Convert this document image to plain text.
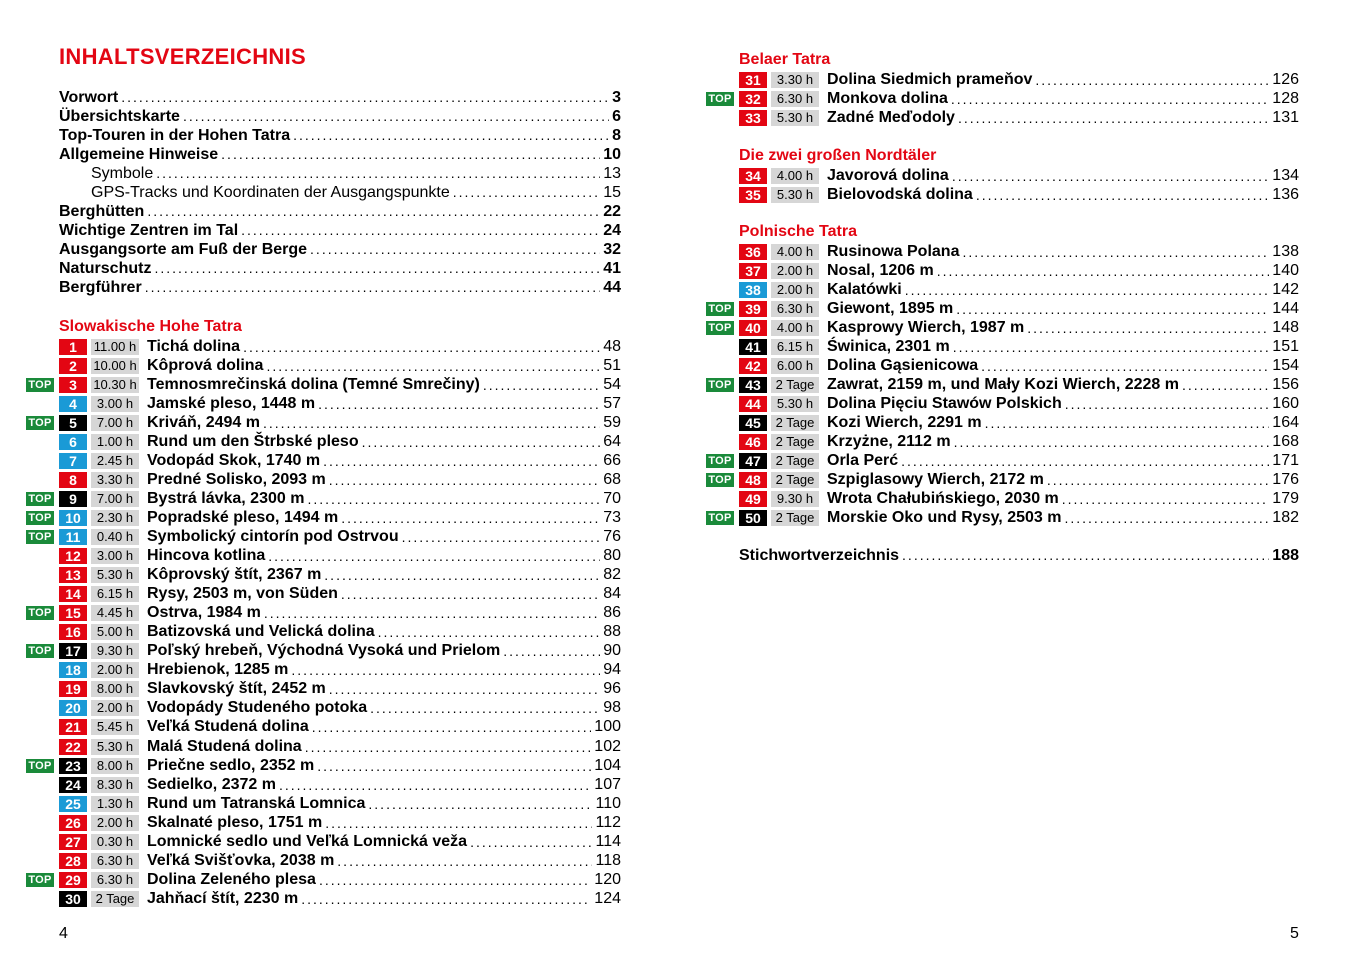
INHALTSVERZEICHNIS
Vorwort .....	3
Übersichtskarte .....	6
Top-Touren in der Hohen Tatra .....	8
Allgemeine Hinweise .....	10
Symbole .....	13
GPS-Tracks und Koordinaten der Ausgangspunkte .....	15
Berghütten .....	22
Wichtige Zentren im Tal .....	24
Ausgangsorte am Fuß der Berge .....	32
Naturschutz .....	41
Bergführer .....	44
Slowakische Hohe Tatra
1	11.00 h Tichá dolina .....	48
2	10.00 h Kôprová dolina .....	51
TOP	3	10.30 h Temnosmrečinská dolina (Temné Smrečiny) .....	54
4	3.00 h Jamské pleso, 1448 m .....	57
TOP	5	7.00 h Kriváň, 2494 m .....	59
6	1.00 h Rund um den Štrbské pleso .....	64
7	2.45 h Vodopád Skok, 1740 m .....	66
8	3.30 h Predné Solisko, 2093 m .....	68
TOP	9	7.00 h Bystrá lávka, 2300 m .....	70
TOP 10	2.30 h Popradské pleso, 1494 m .....	73
TOP 11	0.40 h Symbolický cintorín pod Ostrvou .....	76
12	3.00 h Hincova kotlina .....	80
13	5.30 h Kôprovský štít, 2367 m .....	82
14	6.15 h Rysy, 2503 m, von Süden .....	84
TOP 15	4.45 h Ostrva, 1984 m .....	86
16	5.00 h Batizovská und Velická dolina .....	88
TOP 17	9.30 h Poľský hrebeň, Východná Vysoká und Prielom .....	90
18	2.00 h Hrebienok, 1285 m .....	94
19	8.00 h Slavkovský štít, 2452 m .....	96
20	2.00 h Vodopády Studeného potoka .....	98
21	5.45 h Veľká Studená dolina .....	100
22	5.30 h Malá Studená dolina .....	102
TOP 23	8.00 h Priečne sedlo, 2352 m .....	104
24	8.30 h Sedielko, 2372 m .....	107
25	1.30 h Rund um Tatranská Lomnica .....	110
26	2.00 h Skalnaté pleso, 1751 m .....	112
27	0.30 h Lomnické sedlo und Veľká Lomnická veža .....	114
28	6.30 h Veľká Svišťovka, 2038 m .....	118
TOP 29	6.30 h Dolina Zeleného plesa .....	120
30	2 Tage Jahňací štít, 2230 m .....	124
4
Belaer Tatra
31	3.30 h Dolina Siedmich prameňov .....	126
TOP 32	6.30 h Monkova dolina .....	128
33	5.30 h Zadné Meďodoly .....	131
Die zwei großen Nordtäler
34	4.00 h Javorová dolina .....	134
35	5.30 h Bielovodská dolina .....	136
Polnische Tatra
36	4.00 h Rusinowa Polana .....	138
37	2.00 h Nosal, 1206 m .....	140
38	2.00 h Kalatówki .....	142
TOP 39	6.30 h Giewont, 1895 m .....	144
TOP 40	4.00 h Kasprowy Wierch, 1987 m .....	148
41	6.15 h Świnica, 2301 m .....	151
42	6.00 h Dolina Gąsienicowa .....	154
TOP 43	2 Tage Zawrat, 2159 m, und Mały Kozi Wierch, 2228 m .....	156
44	5.30 h Dolina Pięciu Stawów Polskich .....	160
45	2 Tage Kozi Wierch, 2291 m .....	164
46	2 Tage Krzyżne, 2112 m .....	168
TOP 47	2 Tage Orla Perć .....	171
TOP 48	2 Tage Szpiglasowy Wierch, 2172 m .....	176
49	9.30 h Wrota Chałubińskiego, 2030 m .....	179
TOP 50	2 Tage Morskie Oko und Rysy, 2503 m .....	182
Stichwortverzeichnis .....	188
5
